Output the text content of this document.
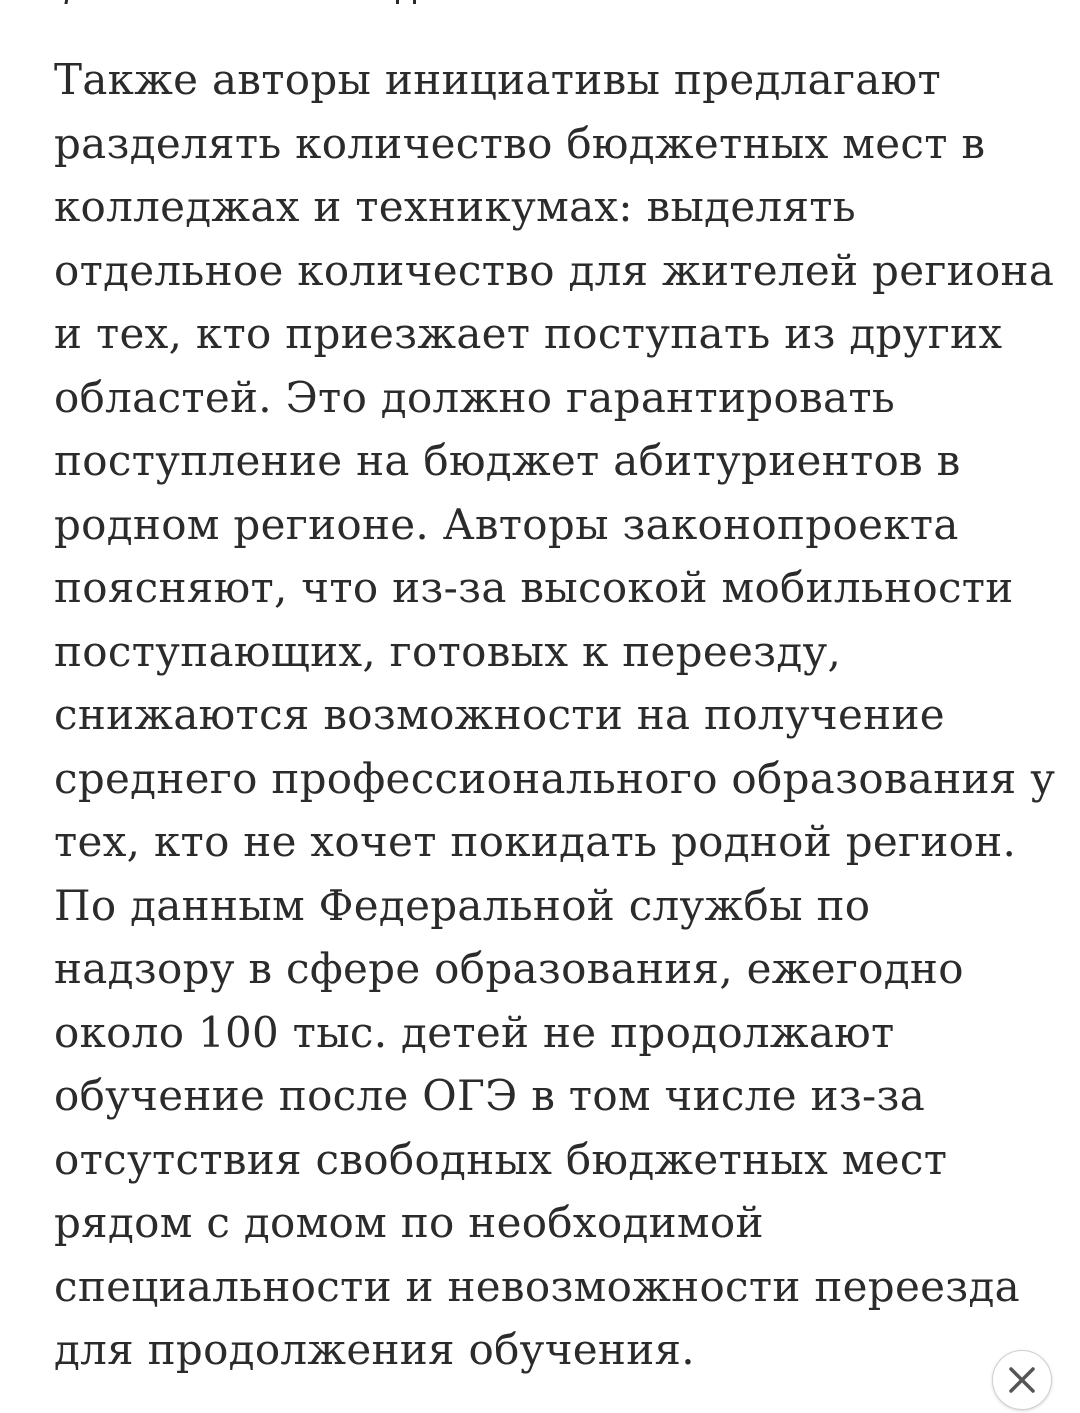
Также авторы инициативы предлагают
разделять количество бюджетных мест в
колледжах и техникумах: выделять
отдельное количество для жителей региона
и тех, кто приезжает поступать из других
областей. Это должно гарантировать
поступление на бюджет абитуриентов в
родном регионе. Авторы законопроекта
поясняют, что из-за высокой мобильности
поступающих, готовых к переезду,
снижаются возможности на получение
среднего профессионального образования у
тех, кто не хочет покидать родной регион.
По данным Федеральной службы по
надзору в сфере образования, ежегодно
около 100 тыс. детей не продолжают
обучение после ОГЭ в том числе из-за
отсутствия свободных бюджетных мест
рядом с домом по необходимой
специальности и невозможности переезда
для продолжения обучения.
